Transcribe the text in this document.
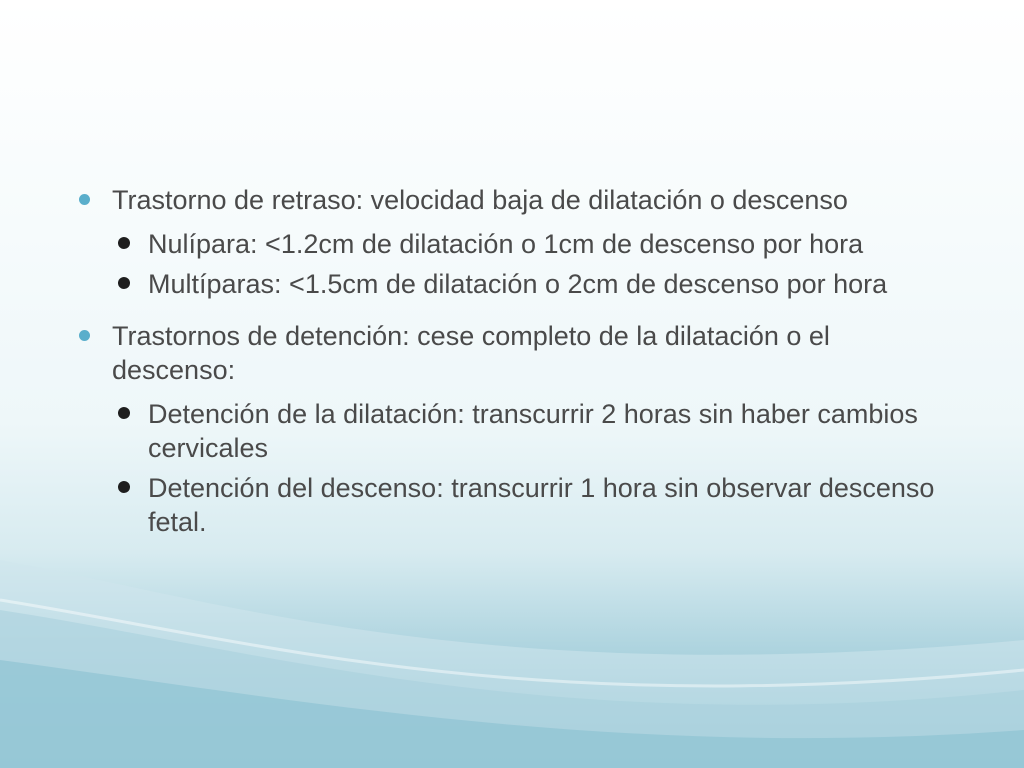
Trastorno de retraso: velocidad baja de dilatación o descenso
Nulípara: <1.2cm de dilatación o 1cm de descenso por hora
Multíparas: <1.5cm de dilatación o 2cm de descenso por hora
Trastornos de detención: cese completo de la dilatación o el descenso:
Detención de la dilatación: transcurrir 2 horas sin haber cambios cervicales
Detención del descenso: transcurrir 1 hora sin observar descenso fetal.
